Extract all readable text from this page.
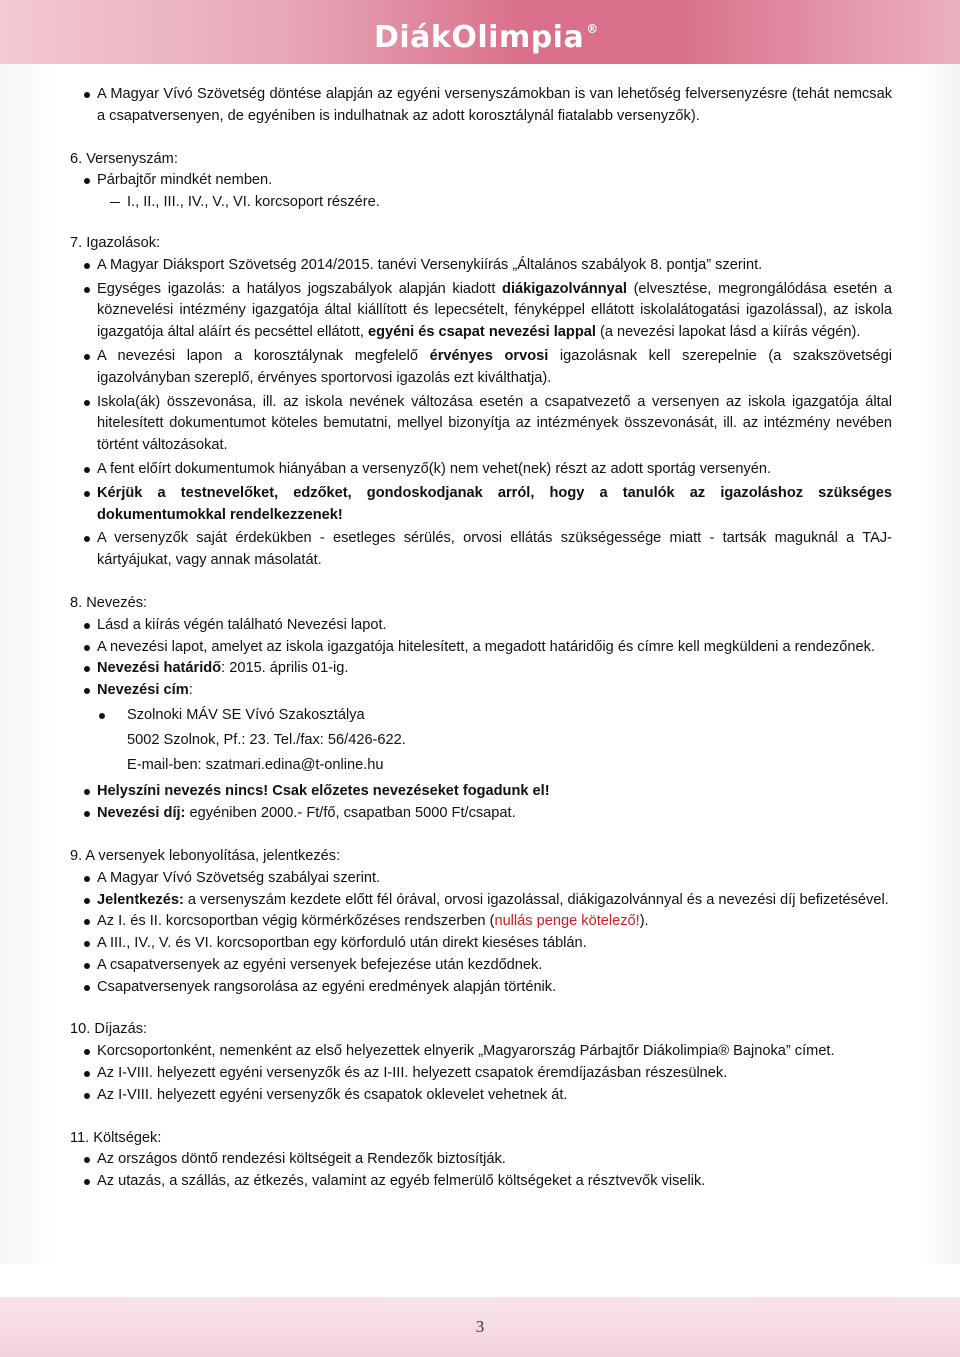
DiákOlimpia ®

A Magyar Vívó Szövetség döntése alapján az egyéni versenyszámokban is van lehetőség felversenyzésre (tehát nemcsak a csapatversenyen, de egyéniben is indulhatnak az adott korosztálynál fiatalabb versenyzők).

6. Versenyszám:

Párbajtőr mindkét nemben.

I., II., III., IV., V., VI. korcsoport részére.

7. Igazolások:

A Magyar Diáksport Szövetség 2014/2015. tanévi Versenykiírás „Általános szabályok 8. pontja” szerint.

Egységes igazolás: a hatályos jogszabályok alapján kiadott diákigazolvánnyal (elvesztése, megrongálódása esetén a köznevelési intézmény igazgatója által kiállított és lepecsételt, fényképpel ellátott iskolalátogatási igazolással), az iskola igazgatója által aláírt és pecséttel ellátott, egyéni és csapat nevezési lappal (a nevezési lapokat lásd a kiírás végén).

A nevezési lapon a korosztálynak megfelelő érvényes orvosi igazolásnak kell szerepelnie (a szakszövetségi igazolványban szereplő, érvényes sportorvosi igazolás ezt kiválthatja).

Iskola(ák) összevonása, ill. az iskola nevének változása esetén a csapatvezető a versenyen az iskola igazgatója által hitelesített dokumentumot köteles bemutatni, mellyel bizonyítja az intézmények összevonását, ill. az intézmény nevében történt változásokat.

A fent előírt dokumentumok hiányában a versenyző(k) nem vehet(nek) részt az adott sportág versenyén.

Kérjük a testnevelőket, edzőket, gondoskodjanak arról, hogy a tanulók az igazoláshoz szükséges dokumentumokkal rendelkezzenek!

A versenyzők saját érdekükben - esetleges sérülés, orvosi ellátás szükségessége miatt - tartsák maguknál a TAJ-kártyájukat, vagy annak másolatát.

8. Nevezés:

Lásd a kiírás végén található Nevezési lapot.

A nevezési lapot, amelyet az iskola igazgatója hitelesített, a megadott határidőig és címre kell megküldeni a rendezőnek.

Nevezési határidő: 2015. április 01-ig.

Nevezési cím:

Szolnoki MÁV SE Vívó Szakosztálya

5002 Szolnok, Pf.: 23. Tel./fax: 56/426-622.

E-mail-ben: szatmari.edina@t-online.hu

Helyszíni nevezés nincs! Csak előzetes nevezéseket fogadunk el!

Nevezési díj: egyéniben 2000.- Ft/fő, csapatban 5000 Ft/csapat.

9. A versenyek lebonyolítása, jelentkezés:

A Magyar Vívó Szövetség szabályai szerint.

Jelentkezés: a versenyszám kezdete előtt fél órával, orvosi igazolással, diákigazolvánnyal és a nevezési díj befizetésével.

Az I. és II. korcsoportban végig körmérkőzéses rendszerben (nullás penge kötelező!).

A III., IV., V. és VI. korcsoportban egy körforduló után direkt kieséses táblán.

A csapatversenyek az egyéni versenyek befejezése után kezdődnek.

Csapatversenyek rangsorolása az egyéni eredmények alapján történik.

10. Díjazás:

Korcsoportonként, nemenként az első helyezettek elnyerik „Magyarország Párbajtőr Diákolimpia® Bajnoka” címet.

Az I-VIII. helyezett egyéni versenyzők és az I-III. helyezett csapatok éremdíjazásban részesülnek.

Az I-VIII. helyezett egyéni versenyzők és csapatok oklevelet vehetnek át.

11. Költségek:

Az országos döntő rendezési költségeit a Rendezők biztosítják.

Az utazás, a szállás, az étkezés, valamint az egyéb felmerülő költségeket a résztvevők viselik.

3
